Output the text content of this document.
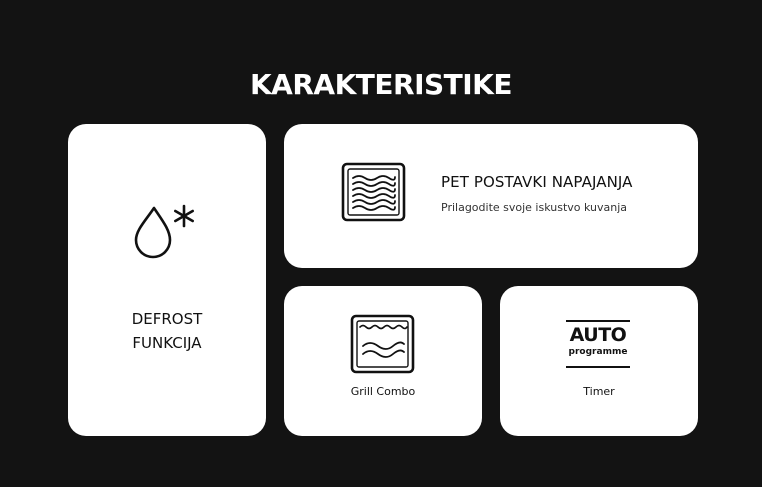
KARAKTERISTIKE
DEFROST
FUNKCIJA
PET POSTAVKI NAPAJANJA
Prilagodite svoje iskustvo kuvanja
Grill Combo
AUTO
programme
Timer
